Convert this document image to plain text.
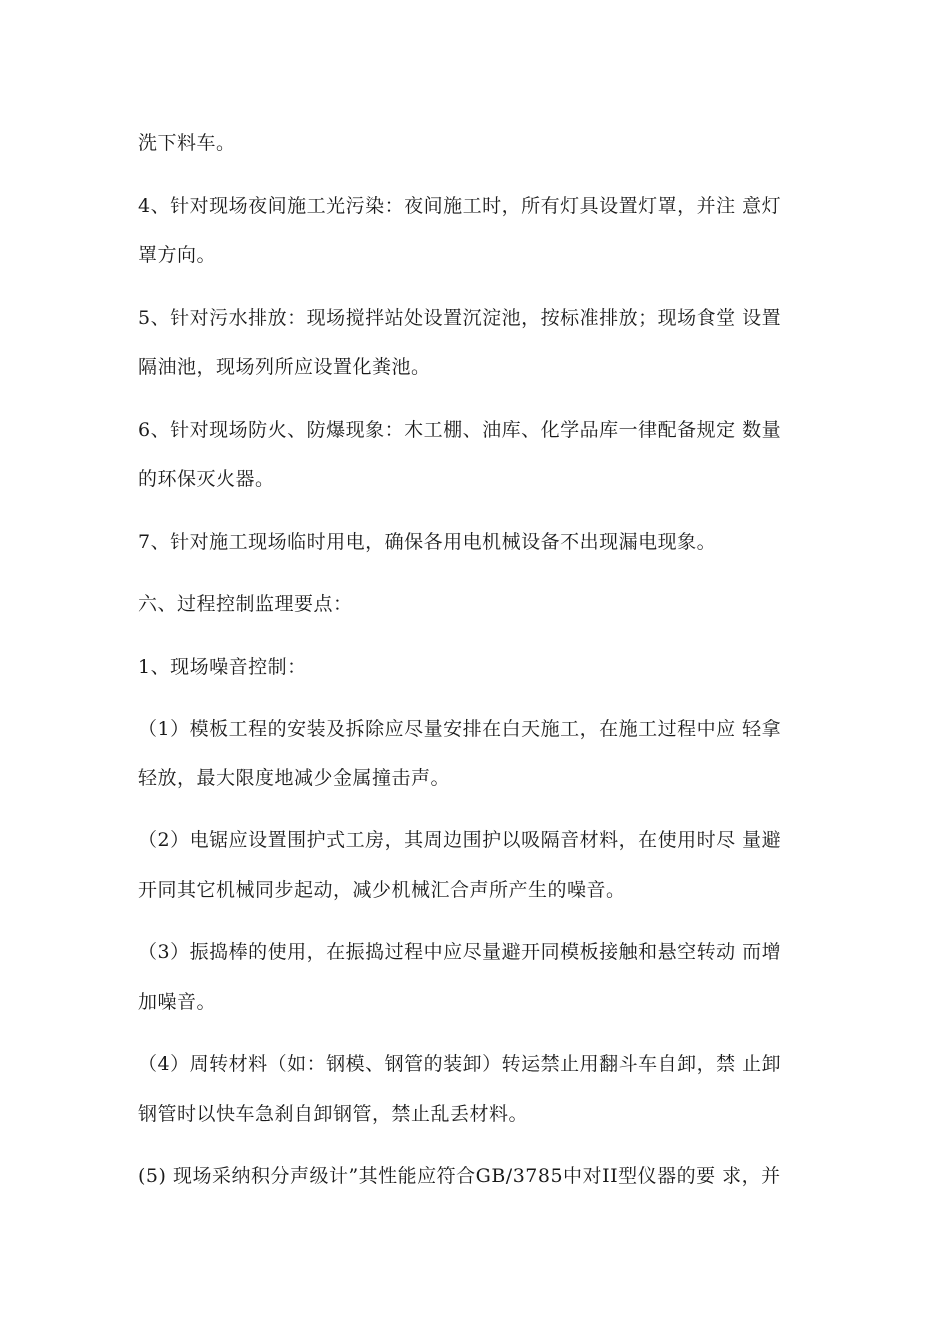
洗下料车。
4、针对现场夜间施工光污染：夜间施工时，所有灯具设置灯罩，并注 意灯
罩方向。
5、针对污水排放：现场搅拌站处设置沉淀池，按标准排放；现场食堂 设置
隔油池，现场列所应设置化粪池。
6、针对现场防火、防爆现象：木工棚、油库、化学品库一律配备规定 数量
的环保灭火器。
7、针对施工现场临时用电，确保各用电机械设备不出现漏电现象。
六、过程控制监理要点：
1、现场噪音控制：
（1）模板工程的安装及拆除应尽量安排在白天施工，在施工过程中应 轻拿
轻放，最大限度地减少金属撞击声。
（2）电锯应设置围护式工房，其周边围护以吸隔音材料，在使用时尽 量避
开同其它机械同步起动，减少机械汇合声所产生的噪音。
（3）振捣棒的使用，在振捣过程中应尽量避开同模板接触和悬空转动 而增
加噪音。
（4）周转材料（如：钢模、钢管的装卸）转运禁止用翻斗车自卸，禁 止卸
钢管时以快车急刹自卸钢管，禁止乱丢材料。
(5) 现场采纳积分声级计”其性能应符合GB/3785中对II型仪器的要 求，并
